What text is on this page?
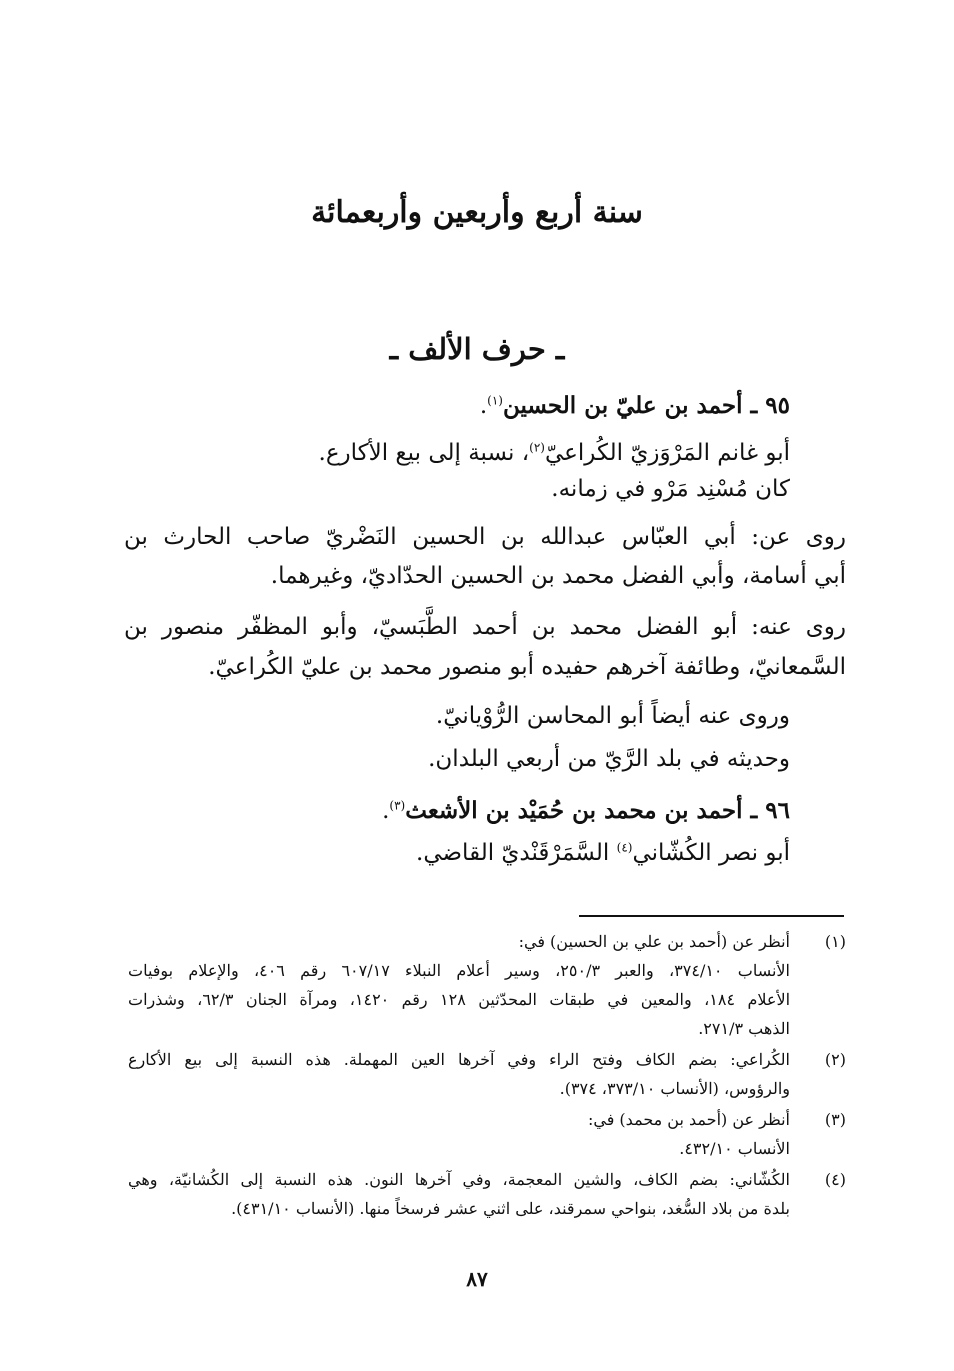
سنة أربع وأربعين وأربعمائة
ـ حرف الألف ـ
٩٥ ـ أحمد بن عليّ بن الحسين$^{(١)}$.
أبو غانم المَرْوَزيّ الكُراعيّ$^{(٢)}$، نسبة إلى بيع الأكارع.
كان مُسْنِد مَرْو في زمانه.
روى عن: أبي العبّاس عبدالله بن الحسين النَضْريّ صاحب الحارث بن
أبي أسامة، وأبي الفضل محمد بن الحسين الحدّاديّ، وغيرهما.
روى عنه: أبو الفضل محمد بن أحمد الطَّبَسيّ، وأبو المظفّر منصور بن
السَّمعانيّ، وطائفة آخرهم حفيده أبو منصور محمد بن عليّ الكُراعيّ.
وروى عنه أيضاً أبو المحاسن الرُّوْيانيّ.
وحديثه في بلد الرَّيّ من أربعي البلدان.
٩٦ ـ أحمد بن محمد بن حُمَيْد بن الأشعث$^{(٣)}$.
أبو نصر الكُشّاني$^{(٤)}$ السَّمَرْقَنْديّ القاضي.
(١)
أنظر عن (أحمد بن علي بن الحسين) في:
الأنساب ٣٧٤/١٠، والعبر ٢٥٠/٣، وسير أعلام النبلاء ٦٠٧/١٧ رقم ٤٠٦، والإعلام بوفيات
الأعلام ١٨٤، والمعين في طبقات المحدّثين ١٢٨ رقم ١٤٢٠، ومرآة الجنان ٦٢/٣، وشذرات
الذهب ٢٧١/٣.
(٢)
الكُراعي: بضم الكاف وفتح الراء وفي آخرها العين المهملة. هذه النسبة إلى بيع الأكارع
والرؤوس، (الأنساب ٣٧٣/١٠، ٣٧٤).
(٣)
أنظر عن (أحمد بن محمد) في:
الأنساب ٤٣٢/١٠.
(٤)
الكُشّاني: بضم الكاف، والشين المعجمة، وفي آخرها النون. هذه النسبة إلى الكُشانيّة، وهي
بلدة من بلاد السُّغد، بنواحي سمرقند، على اثني عشر فرسخاً منها. (الأنساب ٤٣١/١٠).
٨٧
